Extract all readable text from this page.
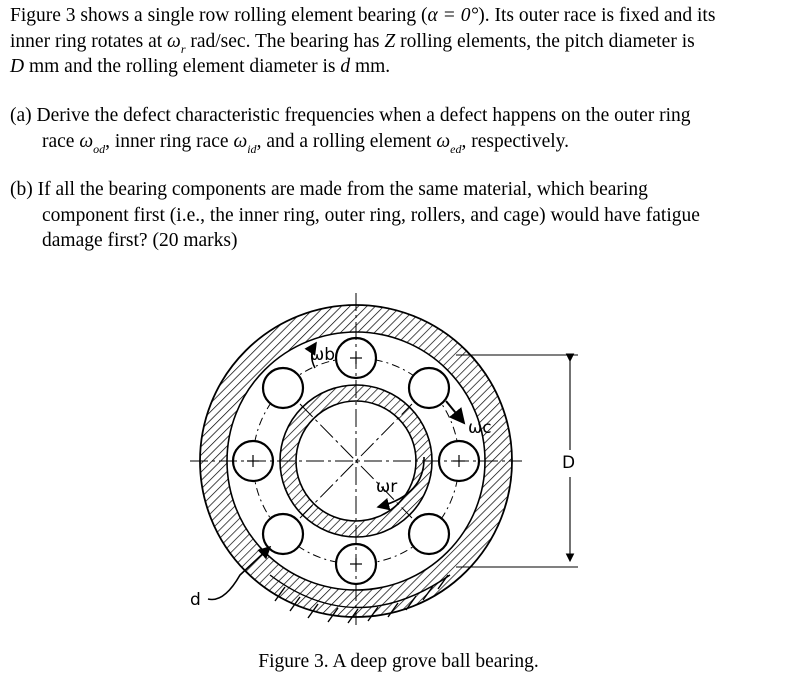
Figure 3 shows a single row rolling element bearing (α = 0°). Its outer race is fixed and its
inner ring rotates at $\omega_r$ rad/sec. The bearing has Z rolling elements, the pitch diameter is
D mm and the rolling element diameter is d mm.
(a) Derive the defect characteristic frequencies when a defect happens on the outer ring
race $\omega_{od}$, inner ring race $\omega_{id}$, and a rolling element $\omega_{ed}$, respectively.
(b) If all the bearing components are made from the same material, which bearing
component first (i.e., the inner ring, outer ring, rollers, and cage) would have fatigue
damage first? (20 marks)
ωb
ωc
ωr
D
d
Figure 3. A deep grove ball bearing.
